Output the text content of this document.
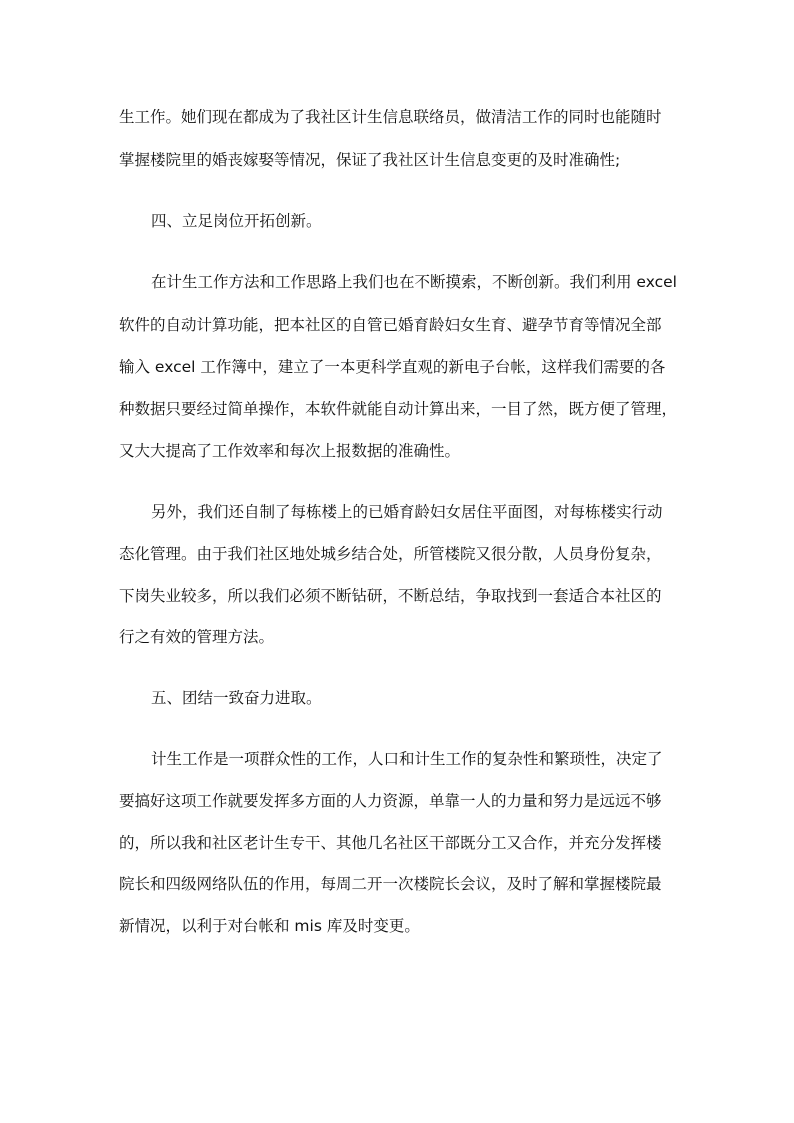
生工作。她们现在都成为了我社区计生信息联络员，做清洁工作的同时也能随时
掌握楼院里的婚丧嫁娶等情况，保证了我社区计生信息变更的及时准确性;
四、立足岗位开拓创新。
在计生工作方法和工作思路上我们也在不断摸索，不断创新。我们利用 excel
软件的自动计算功能，把本社区的自管已婚育龄妇女生育、避孕节育等情况全部
输入 excel 工作簿中，建立了一本更科学直观的新电子台帐，这样我们需要的各
种数据只要经过简单操作，本软件就能自动计算出来，一目了然，既方便了管理，
又大大提高了工作效率和每次上报数据的准确性。
另外，我们还自制了每栋楼上的已婚育龄妇女居住平面图，对每栋楼实行动
态化管理。由于我们社区地处城乡结合处，所管楼院又很分散，人员身份复杂，
下岗失业较多，所以我们必须不断钻研，不断总结，争取找到一套适合本社区的
行之有效的管理方法。
五、团结一致奋力进取。
计生工作是一项群众性的工作，人口和计生工作的复杂性和繁琐性，决定了
要搞好这项工作就要发挥多方面的人力资源，单靠一人的力量和努力是远远不够
的，所以我和社区老计生专干、其他几名社区干部既分工又合作，并充分发挥楼
院长和四级网络队伍的作用，每周二开一次楼院长会议，及时了解和掌握楼院最
新情况，以利于对台帐和 mis 库及时变更。
